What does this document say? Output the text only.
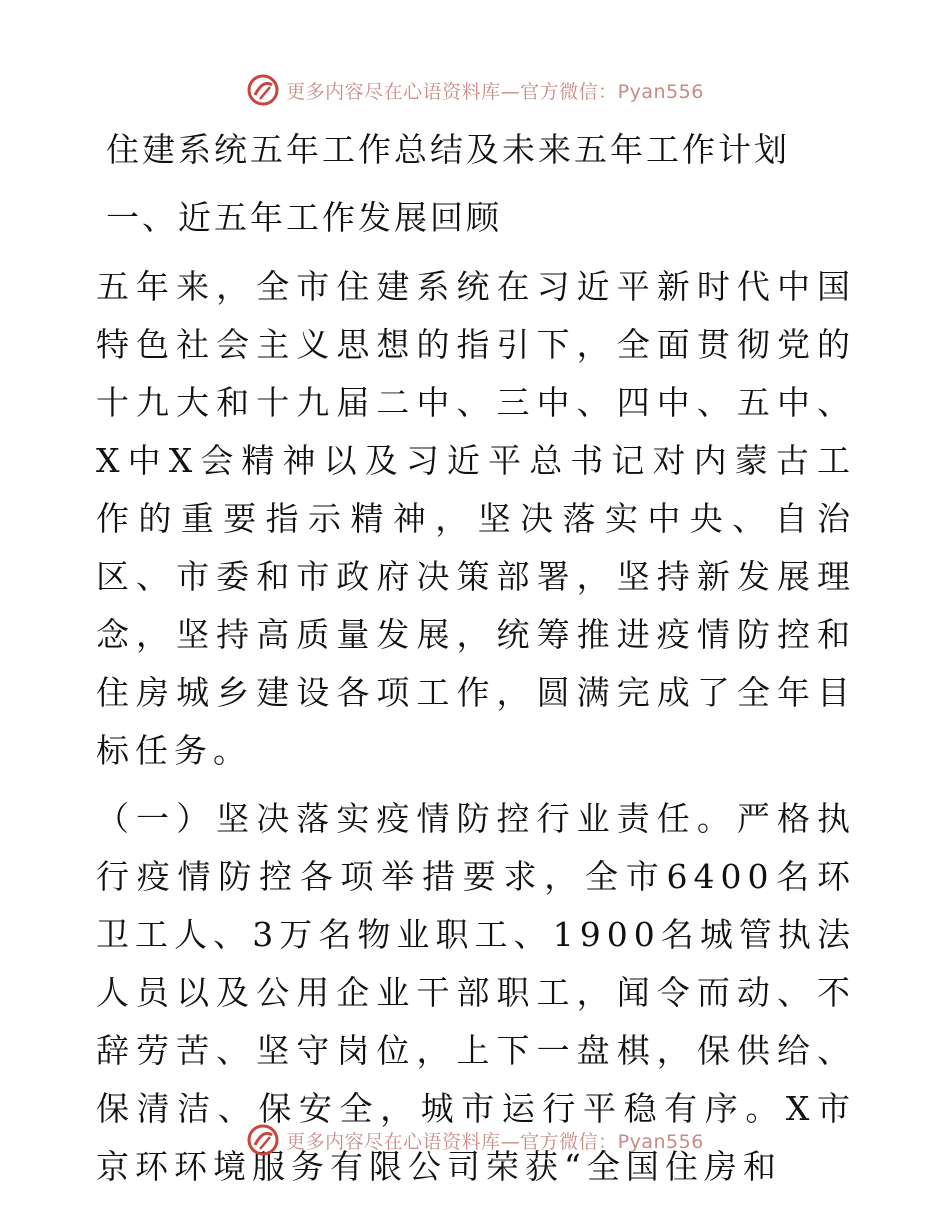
更多内容尽在心语资料库—官方微信：Pyan556
住建系统五年工作总结及未来五年工作计划
一、近五年工作发展回顾

五年来，全市住建系统在习近平新时代中国特色社会主义思想的指引下，全面贯彻党的十九大和十九届二中、三中、四中、五中、X中X会精神以及习近平总书记对内蒙古工作的重要指示精神，坚决落实中央、自治区、市委和市政府决策部署，坚持新发展理念，坚持高质量发展，统筹推进疫情防控和住房城乡建设各项工作，圆满完成了全年目标任务。

（一）坚决落实疫情防控行业责任。严格执行疫情防控各项举措要求，全市6400名环卫工人、3万名物业职工、1900名城管执法人员以及公用企业干部职工，闻令而动、不辞劳苦、坚守岗位，上下一盘棋，保供给、保清洁、保安全，城市运行平稳有序。X市京环环境服务有限公司荣获“全国住房和

更多内容尽在心语资料库—官方微信：Pyan556
